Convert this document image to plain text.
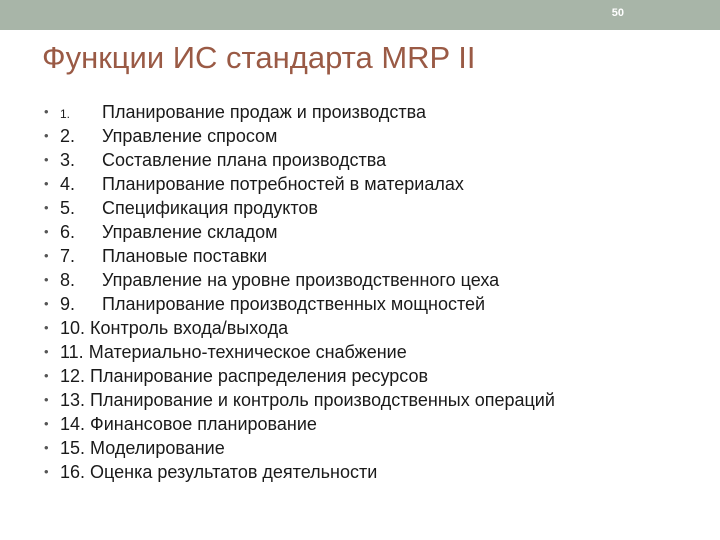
50
Функции ИС стандарта MRP II
• 1. Планирование продаж и производства
• 2. Управление спросом
• 3. Составление плана производства
• 4. Планирование потребностей в материалах
• 5. Спецификация продуктов
• 6. Управление складом
• 7. Плановые поставки
• 8. Управление на уровне производственного цеха
• 9. Планирование производственных мощностей
• 10. Контроль входа/выхода
• 11. Материально-техническое снабжение
• 12. Планирование распределения ресурсов
• 13. Планирование и контроль производственных операций
• 14. Финансовое планирование
• 15. Моделирование
• 16. Оценка результатов деятельности
